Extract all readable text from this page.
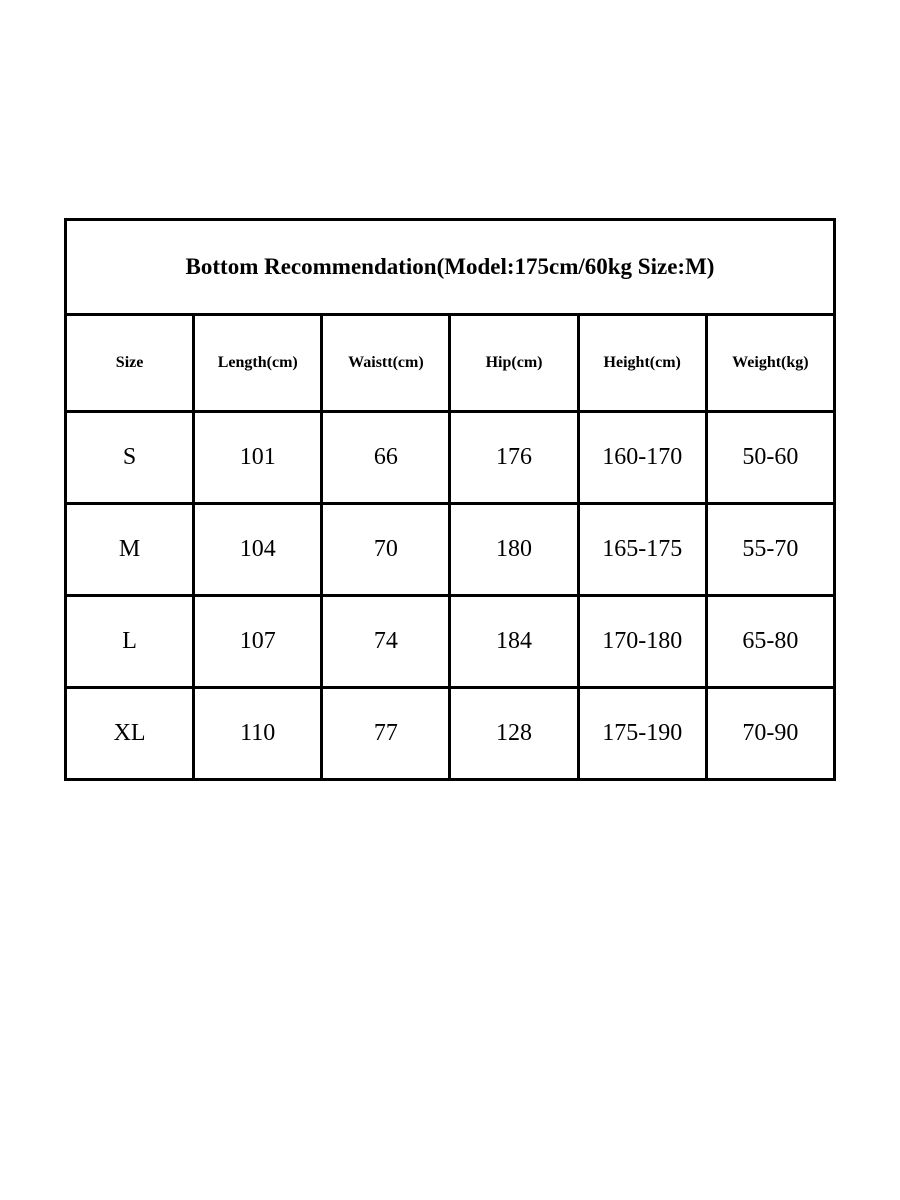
Bottom Recommendation(Model:175cm/60kg Size:M)					
Size	Length(cm)	Waistt(cm)	Hip(cm)	Height(cm)	Weight(kg)
S	101	66	176	160-170	50-60
M	104	70	180	165-175	55-70
L	107	74	184	170-180	65-80
XL	110	77	128	175-190	70-90
